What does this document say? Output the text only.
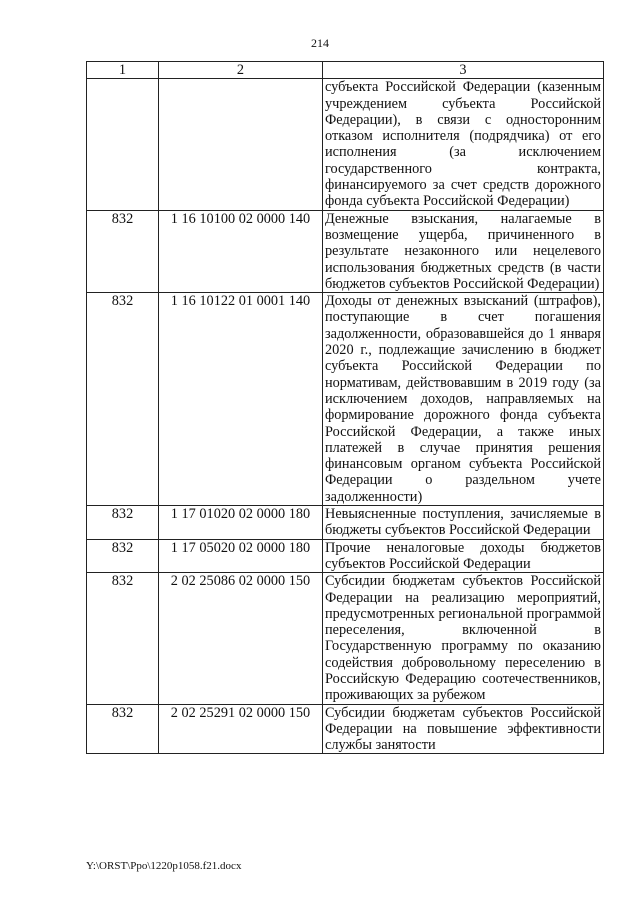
214
1	2	3
		субъекта Российской Федерации (казенным учреждением субъекта Российской Федерации), в связи с односторонним отказом исполнителя (подрядчика) от его исполнения (за исключением государственного контракта, финансируемого за счет средств дорожного фонда субъекта Российской Федерации)
832	1 16 10100 02 0000 140	Денежные взыскания, налагаемые в возмещение ущерба, причиненного в результате незаконного или нецелевого использования бюджетных средств (в части бюджетов субъектов Российской Федерации)
832	1 16 10122 01 0001 140	Доходы от денежных взысканий (штрафов), поступающие в счет погашения задолженности, образовавшейся до 1 января 2020 г., подлежащие зачислению в бюджет субъекта Российской Федерации по нормативам, действовавшим в 2019 году (за исключением доходов, направляемых на формирование дорожного фонда субъекта Российской Федерации, а также иных платежей в случае принятия решения финансовым органом субъекта Российской Федерации о раздельном учете задолженности)
832	1 17 01020 02 0000 180	Невыясненные поступления, зачисляемые в бюджеты субъектов Российской Федерации
832	1 17 05020 02 0000 180	Прочие неналоговые доходы бюджетов субъектов Российской Федерации
832	2 02 25086 02 0000 150	Субсидии бюджетам субъектов Российской Федерации на реализацию мероприятий, предусмотренных региональной программой переселения, включенной в Государственную программу по оказанию содействия добровольному переселению в Российскую Федерацию соотечественников, проживающих за рубежом
832	2 02 25291 02 0000 150	Субсидии бюджетам субъектов Российской Федерации на повышение эффективности службы занятости
Y:\ORST\Ppo\1220p1058.f21.docx
